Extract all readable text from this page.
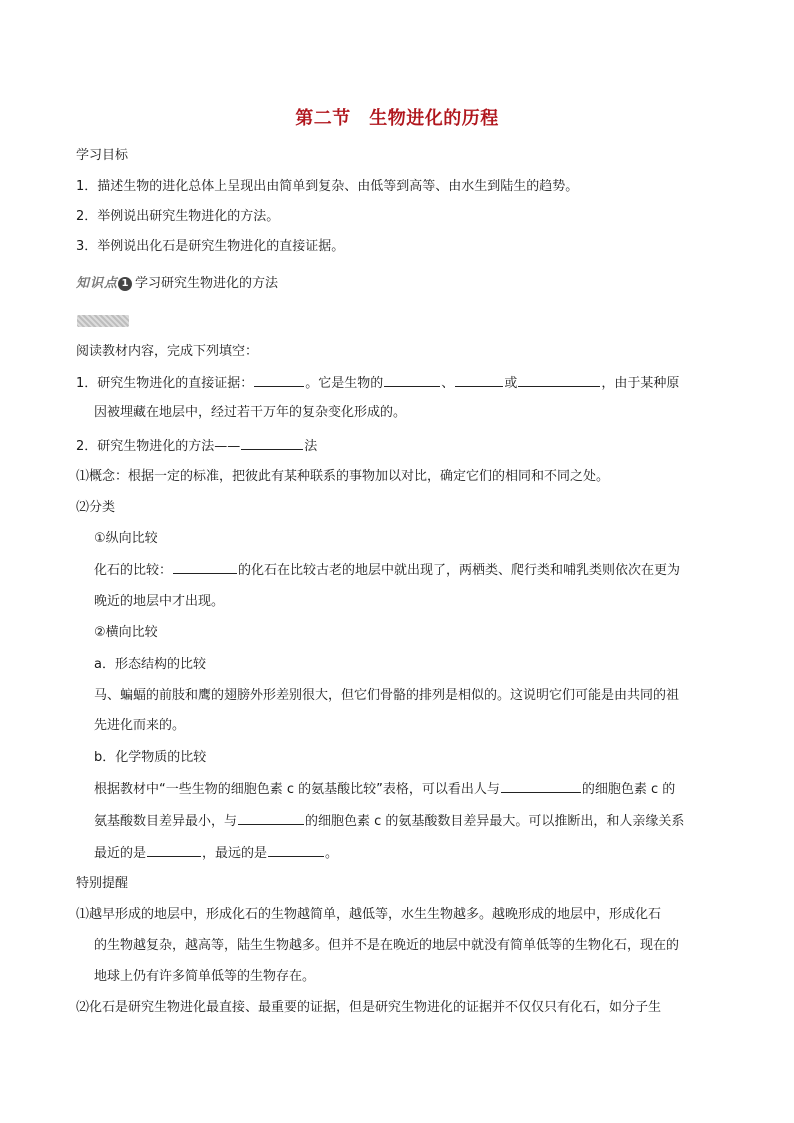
第二节　生物进化的历程
学习目标
1．描述生物的进化总体上呈现出由简单到复杂、由低等到高等、由水生到陆生的趋势。
2．举例说出研究生物进化的方法。
3．举例说出化石是研究生物进化的直接证据。
知识点 1 学习研究生物进化的方法
阅读教材内容，完成下列填空：
1．研究生物进化的直接证据：	。它是生物的	、	或	，由于某种原
因被埋藏在地层中，经过若干万年的复杂变化形成的。
2．研究生物进化的方法——	法
⑴概念：根据一定的标准，把彼此有某种联系的事物加以对比，确定它们的相同和不同之处。
⑵分类
①纵向比较
化石的比较：	的化石在比较古老的地层中就出现了，两栖类、爬行类和哺乳类则依次在更为
晚近的地层中才出现。
②横向比较
a．形态结构的比较
马、蝙蝠的前肢和鹰的翅膀外形差别很大，但它们骨骼的排列是相似的。这说明它们可能是由共同的祖
先进化而来的。
b．化学物质的比较
根据教材中“一些生物的细胞色素 c 的氨基酸比较”表格，可以看出人与	的细胞色素 c 的
氨基酸数目差异最小，与	的细胞色素 c 的氨基酸数目差异最大。可以推断出，和人亲缘关系
最近的是	，最远的是	。
特别提醒
⑴越早形成的地层中，形成化石的生物越简单，越低等，水生生物越多。越晚形成的地层中，形成化石
的生物越复杂，越高等，陆生生物越多。但并不是在晚近的地层中就没有简单低等的生物化石，现在的
地球上仍有许多简单低等的生物存在。
⑵化石是研究生物进化最直接、最重要的证据，但是研究生物进化的证据并不仅仅只有化石，如分子生
